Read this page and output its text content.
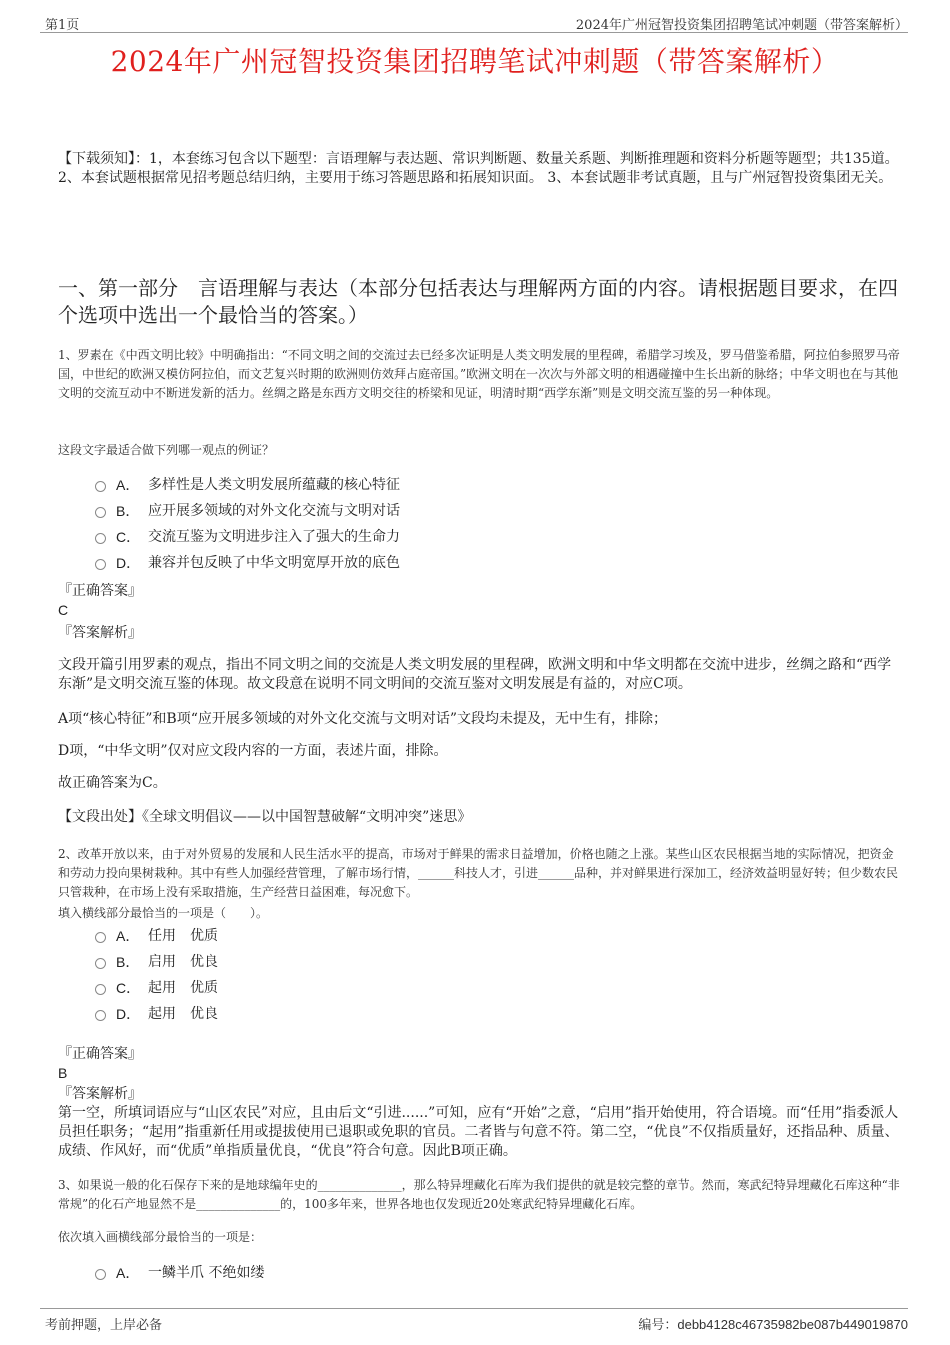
第1页	2024年广州冠智投资集团招聘笔试冲刺题（带答案解析）
2024年广州冠智投资集团招聘笔试冲刺题（带答案解析）
【下载须知】：1，本套练习包含以下题型：言语理解与表达题、常识判断题、数量关系题、判断推理题和资料分析题等题型；共135道。 2、本套试题根据常见招考题总结归纳，主要用于练习答题思路和拓展知识面。 3、本套试题非考试真题，且与广州冠智投资集团无关。
一、第一部分　言语理解与表达（本部分包括表达与理解两方面的内容。请根据题目要求，在四个选项中选出一个最恰当的答案。）
1、罗素在《中西文明比较》中明确指出：“不同文明之间的交流过去已经多次证明是人类文明发展的里程碑，希腊学习埃及，罗马借鉴希腊，阿拉伯参照罗马帝国，中世纪的欧洲又模仿阿拉伯，而文艺复兴时期的欧洲则仿效拜占庭帝国。”欧洲文明在一次次与外部文明的相遇碰撞中生长出新的脉络；中华文明也在与其他文明的交流互动中不断迸发新的活力。丝绸之路是东西方文明交往的桥梁和见证，明清时期“西学东渐”则是文明交流互鉴的另一种体现。
这段文字最适合做下列哪一观点的例证？
A． 多样性是人类文明发展所蕴藏的核心特征
B． 应开展多领域的对外文化交流与文明对话
C． 交流互鉴为文明进步注入了强大的生命力
D． 兼容并包反映了中华文明宽厚开放的底色
『正确答案』
C
『答案解析』
文段开篇引用罗素的观点，指出不同文明之间的交流是人类文明发展的里程碑，欧洲文明和中华文明都在交流中进步，丝绸之路和“西学东渐”是文明交流互鉴的体现。故文段意在说明不同文明间的交流互鉴对文明发展是有益的，对应C项。
A项“核心特征”和B项“应开展多领域的对外文化交流与文明对话”文段均未提及，无中生有，排除；
D项，“中华文明”仅对应文段内容的一方面，表述片面，排除。
故正确答案为C。
【文段出处】《全球文明倡议——以中国智慧破解“文明冲突”迷思》
2、改革开放以来，由于对外贸易的发展和人民生活水平的提高，市场对于鲜果的需求日益增加，价格也随之上涨。某些山区农民根据当地的实际情况，把资金和劳动力投向果树栽种。其中有些人加强经营管理，了解市场行情，______科技人才，引进______品种，并对鲜果进行深加工，经济效益明显好转；但少数农民只管栽种，在市场上没有采取措施，生产经营日益困难，每况愈下。
填入横线部分最恰当的一项是（　　）。
A． 任用　优质
B． 启用　优良
C． 起用　优质
D． 起用　优良
『正确答案』
B
『答案解析』
第一空，所填词语应与“山区农民”对应，且由后文“引进......”可知，应有“开始”之意，“启用”指开始使用，符合语境。而“任用”指委派人员担任职务；“起用”指重新任用或提拔使用已退职或免职的官员。二者皆与句意不符。第二空，“优良”不仅指质量好，还指品种、质量、成绩、作风好，而“优质”单指质量优良，“优良”符合句意。因此B项正确。
3、如果说一般的化石保存下来的是地球编年史的______________，那么特异埋藏化石库为我们提供的就是较完整的章节。然而，寒武纪特异埋藏化石库这种“非常规”的化石产地显然不是______________的，100多年来，世界各地也仅发现近20处寒武纪特异埋藏化石库。
依次填入画横线部分最恰当的一项是：
A． 一鳞半爪 不绝如缕
考前押题，上岸必备	编号：debb4128c46735982be087b449019870
